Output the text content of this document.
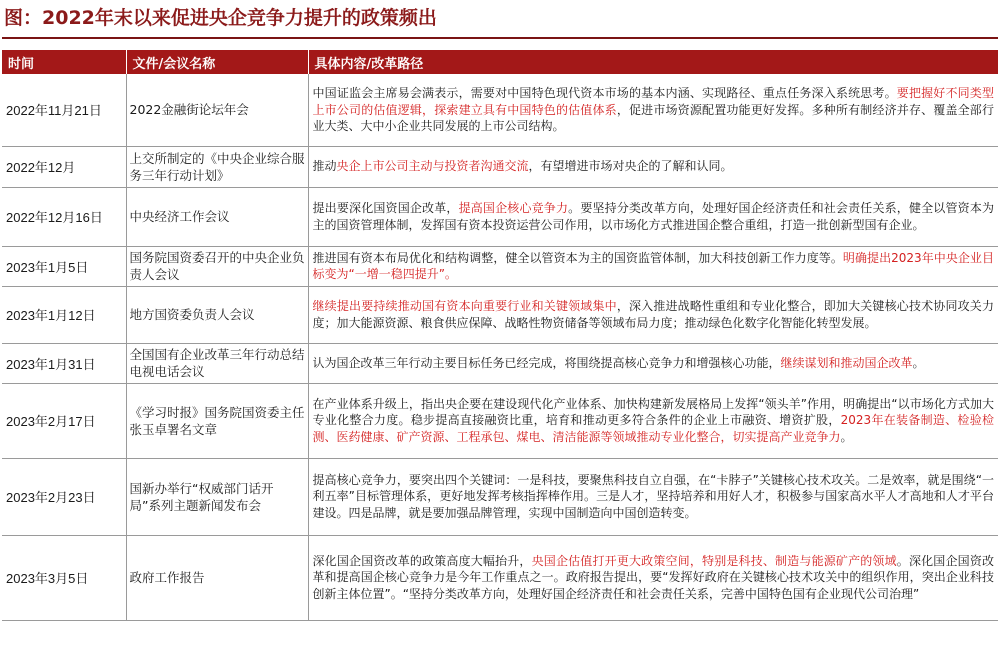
图：2022年末以来促进央企竞争力提升的政策频出
时间	文件/会议名称	具体内容/改革路径
2022年11月21日	2022金融街论坛年会	中国证监会主席易会满表示，需要对中国特色现代资本市场的基本内涵、实现路径、重点任务深入系统思考。要把握好不同类型上市公司的估值逻辑，探索建立具有中国特色的估值体系，促进市场资源配置功能更好发挥。多种所有制经济并存、覆盖全部行业大类、大中小企业共同发展的上市公司结构。
2022年12月	上交所制定的《中央企业综合服务三年行动计划》	推动央企上市公司主动与投资者沟通交流，有望增进市场对央企的了解和认同。
2022年12月16日	中央经济工作会议	提出要深化国资国企改革，提高国企核心竞争力。要坚持分类改革方向，处理好国企经济责任和社会责任关系，健全以管资本为主的国资管理体制，发挥国有资本投资运营公司作用，以市场化方式推进国企整合重组，打造一批创新型国有企业。
2023年1月5日	国务院国资委召开的中央企业负责人会议	推进国有资本布局优化和结构调整，健全以管资本为主的国资监管体制，加大科技创新工作力度等。明确提出2023年中央企业目标变为“一增一稳四提升”。
2023年1月12日	地方国资委负责人会议	继续提出要持续推动国有资本向重要行业和关键领域集中，深入推进战略性重组和专业化整合，即加大关键核心技术协同攻关力度；加大能源资源、粮食供应保障、战略性物资储备等领域布局力度；推动绿色化数字化智能化转型发展。
2023年1月31日	全国国有企业改革三年行动总结电视电话会议	认为国企改革三年行动主要目标任务已经完成，将围绕提高核心竞争力和增强核心功能，继续谋划和推动国企改革。
2023年2月17日	《学习时报》国务院国资委主任张玉卓署名文章	在产业体系升级上，指出央企要在建设现代化产业体系、加快构建新发展格局上发挥“领头羊”作用，明确提出“以市场化方式加大专业化整合力度。稳步提高直接融资比重，培育和推动更多符合条件的企业上市融资、增资扩股，2023年在装备制造、检验检测、医药健康、矿产资源、工程承包、煤电、清洁能源等领域推动专业化整合，切实提高产业竞争力。
2023年2月23日	国新办举行“权威部门话开局”系列主题新闻发布会	提高核心竞争力，要突出四个关键词：一是科技，要聚焦科技自立自强，在“卡脖子”关键核心技术攻关。二是效率，就是围绕“一利五率”目标管理体系，更好地发挥考核指挥棒作用。三是人才，坚持培养和用好人才，积极参与国家高水平人才高地和人才平台建设。四是品牌，就是要加强品牌管理，实现中国制造向中国创造转变。
2023年3月5日	政府工作报告	深化国企国资改革的政策高度大幅抬升，央国企估值打开更大政策空间，特别是科技、制造与能源矿产的领域。深化国企国资改革和提高国企核心竞争力是今年工作重点之一。政府报告提出，要“发挥好政府在关键核心技术攻关中的组织作用，突出企业科技创新主体位置”。“坚持分类改革方向，处理好国企经济责任和社会责任关系，完善中国特色国有企业现代公司治理”
